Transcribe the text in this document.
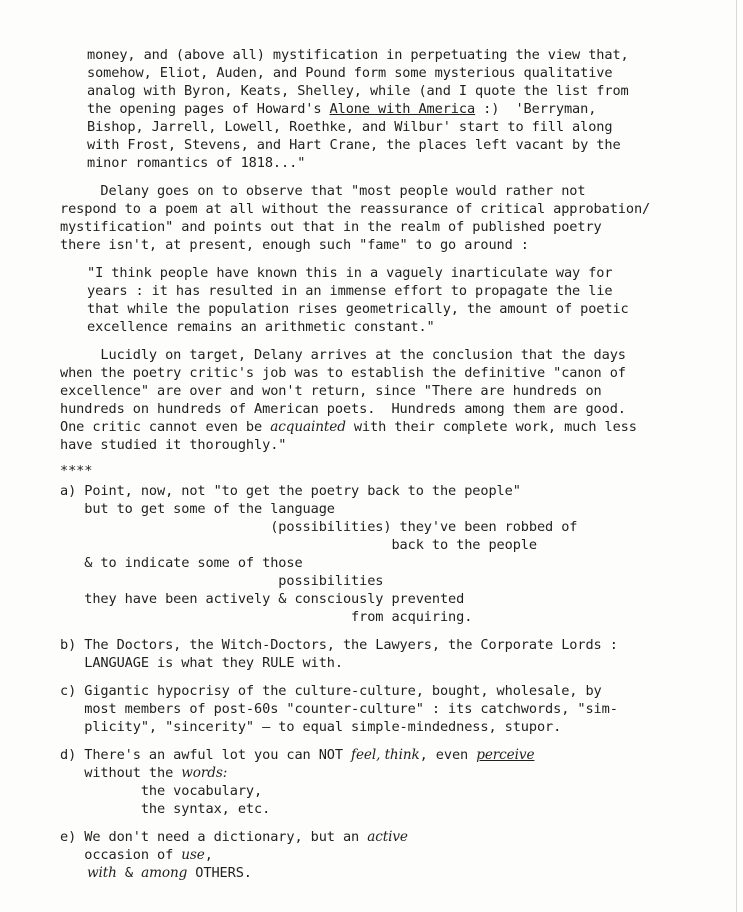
money, and (above all) mystification in perpetuating the view that,
somehow, Eliot, Auden, and Pound form some mysterious qualitative
analog with Byron, Keats, Shelley, while (and I quote the list from
the opening pages of Howard's Alone with America :)  'Berryman,
Bishop, Jarrell, Lowell, Roethke, and Wilbur' start to fill along
with Frost, Stevens, and Hart Crane, the places left vacant by the
minor romantics of 1818..."
Delany goes on to observe that "most people would rather not
respond to a poem at all without the reassurance of critical approbation/
mystification" and points out that in the realm of published poetry
there isn't, at present, enough such "fame" to go around :
"I think people have known this in a vaguely inarticulate way for
years : it has resulted in an immense effort to propagate the lie
that while the population rises geometrically, the amount of poetic
excellence remains an arithmetic constant."
Lucidly on target, Delany arrives at the conclusion that the days
when the poetry critic's job was to establish the definitive "canon of
excellence" are over and won't return, since "There are hundreds on
hundreds on hundreds of American poets.  Hundreds among them are good.
One critic cannot even be acquainted with their complete work, much less
have studied it thoroughly."
****
a) Point, now, not "to get the poetry back to the people"
but to get some of the language
(possibilities) they've been robbed of
back to the people
& to indicate some of those
possibilities
they have been actively & consciously prevented
from acquiring.
b) The Doctors, the Witch-Doctors, the Lawyers, the Corporate Lords :
LANGUAGE is what they RULE with.
c) Gigantic hypocrisy of the culture-culture, bought, wholesale, by
most members of post-60s "counter-culture" : its catchwords, "sim-
plicity", "sincerity" — to equal simple-mindedness, stupor.
d) There's an awful lot you can NOT feel, think, even perceive
without the words:
the vocabulary,
the syntax, etc.
e) We don't need a dictionary, but an active
occasion of use,
with & among OTHERS.
